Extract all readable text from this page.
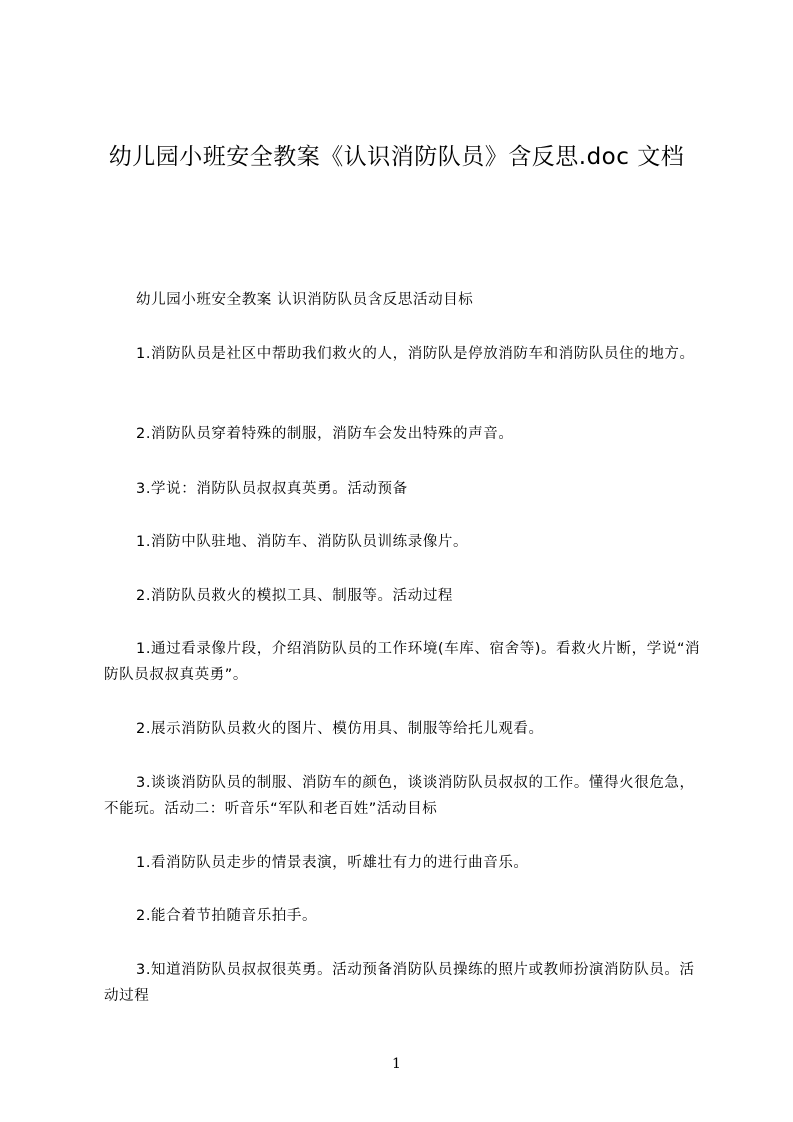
幼儿园小班安全教案《认识消防队员》含反思.doc 文档

幼儿园小班安全教案 认识消防队员含反思活动目标

1.消防队员是社区中帮助我们救火的人，消防队是停放消防车和消防队员住的地方。

2.消防队员穿着特殊的制服，消防车会发出特殊的声音。

3.学说：消防队员叔叔真英勇。活动预备

1.消防中队驻地、消防车、消防队员训练录像片。

2.消防队员救火的模拟工具、制服等。活动过程

1.通过看录像片段，介绍消防队员的工作环境(车库、宿舍等)。看救火片断，学说“消防队员叔叔真英勇”。

2.展示消防队员救火的图片、模仿用具、制服等给托儿观看。

3.谈谈消防队员的制服、消防车的颜色，谈谈消防队员叔叔的工作。懂得火很危急，不能玩。活动二：听音乐“军队和老百姓”活动目标

1.看消防队员走步的情景表演，听雄壮有力的进行曲音乐。

2.能合着节拍随音乐拍手。

3.知道消防队员叔叔很英勇。活动预备消防队员操练的照片或教师扮演消防队员。活动过程

1
